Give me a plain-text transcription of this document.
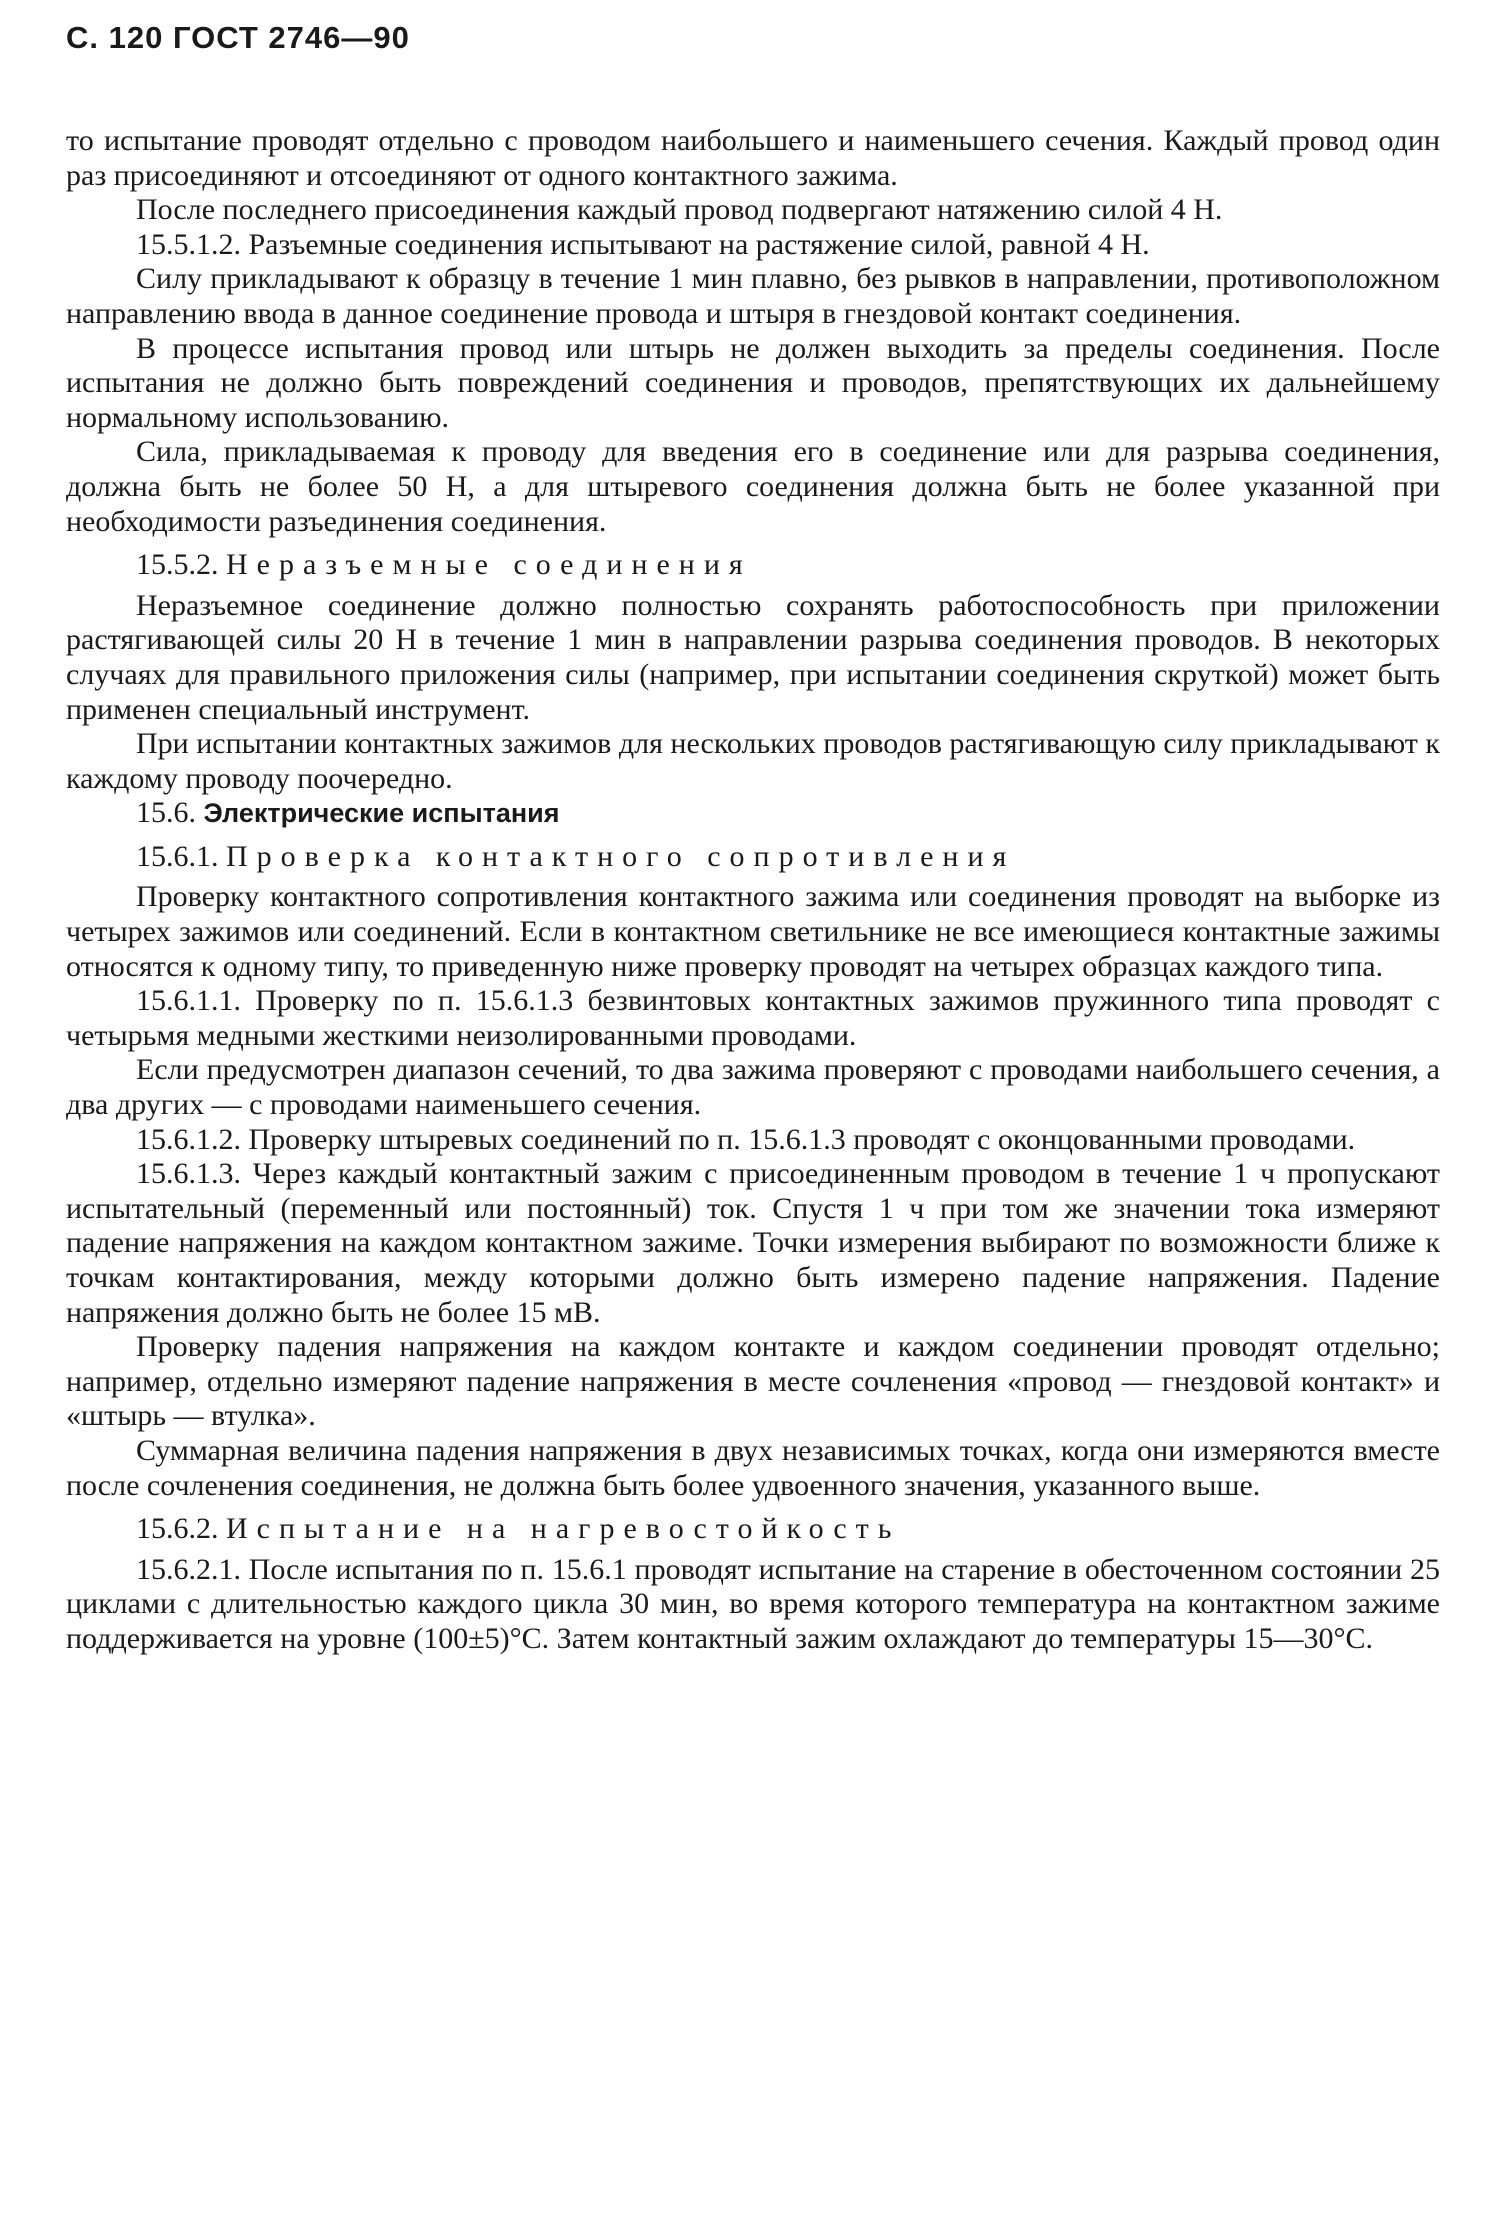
С. 120 ГОСТ 2746—90

то испытание проводят отдельно с проводом наибольшего и наименьшего сечения. Каждый провод один раз присоединяют и отсоединяют от одного контактного зажима.

После последнего присоединения каждый провод подвергают натяжению силой 4 Н.

15.5.1.2. Разъемные соединения испытывают на растяжение силой, равной 4 Н.

Силу прикладывают к образцу в течение 1 мин плавно, без рывков в направлении, противоположном направлению ввода в данное соединение провода и штыря в гнездовой контакт соединения.

В процессе испытания провод или штырь не должен выходить за пределы соединения. После испытания не должно быть повреждений соединения и проводов, препятствующих их дальнейшему нормальному использованию.

Сила, прикладываемая к проводу для введения его в соединение или для разрыва соединения, должна быть не более 50 Н, а для штыревого соединения должна быть не более указанной при необходимости разъединения соединения.

15.5.2. Неразъемные соединения

Неразъемное соединение должно полностью сохранять работоспособность при приложении растягивающей силы 20 Н в течение 1 мин в направлении разрыва соединения проводов. В некоторых случаях для правильного приложения силы (например, при испытании соединения скруткой) может быть применен специальный инструмент.

При испытании контактных зажимов для нескольких проводов растягивающую силу прикладывают к каждому проводу поочередно.

15.6. Электрические испытания

15.6.1. Проверка контактного сопротивления

Проверку контактного сопротивления контактного зажима или соединения проводят на выборке из четырех зажимов или соединений. Если в контактном светильнике не все имеющиеся контактные зажимы относятся к одному типу, то приведенную ниже проверку проводят на четырех образцах каждого типа.

15.6.1.1. Проверку по п. 15.6.1.3 безвинтовых контактных зажимов пружинного типа проводят с четырьмя медными жесткими неизолированными проводами.

Если предусмотрен диапазон сечений, то два зажима проверяют с проводами наибольшего сечения, а два других — с проводами наименьшего сечения.

15.6.1.2. Проверку штыревых соединений по п. 15.6.1.3 проводят с оконцованными проводами.

15.6.1.3. Через каждый контактный зажим с присоединенным проводом в течение 1 ч пропускают испытательный (переменный или постоянный) ток. Спустя 1 ч при том же значении тока измеряют падение напряжения на каждом контактном зажиме. Точки измерения выбирают по возможности ближе к точкам контактирования, между которыми должно быть измерено падение напряжения. Падение напряжения должно быть не более 15 мВ.

Проверку падения напряжения на каждом контакте и каждом соединении проводят отдельно; например, отдельно измеряют падение напряжения в месте сочленения «провод — гнездовой контакт» и «штырь — втулка».

Суммарная величина падения напряжения в двух независимых точках, когда они измеряются вместе после сочленения соединения, не должна быть более удвоенного значения, указанного выше.

15.6.2. Испытание на нагревостойкость

15.6.2.1. После испытания по п. 15.6.1 проводят испытание на старение в обесточенном состоянии 25 циклами с длительностью каждого цикла 30 мин, во время которого температура на контактном зажиме поддерживается на уровне (100±5)°С. Затем контактный зажим охлаждают до температуры 15—30°С.
